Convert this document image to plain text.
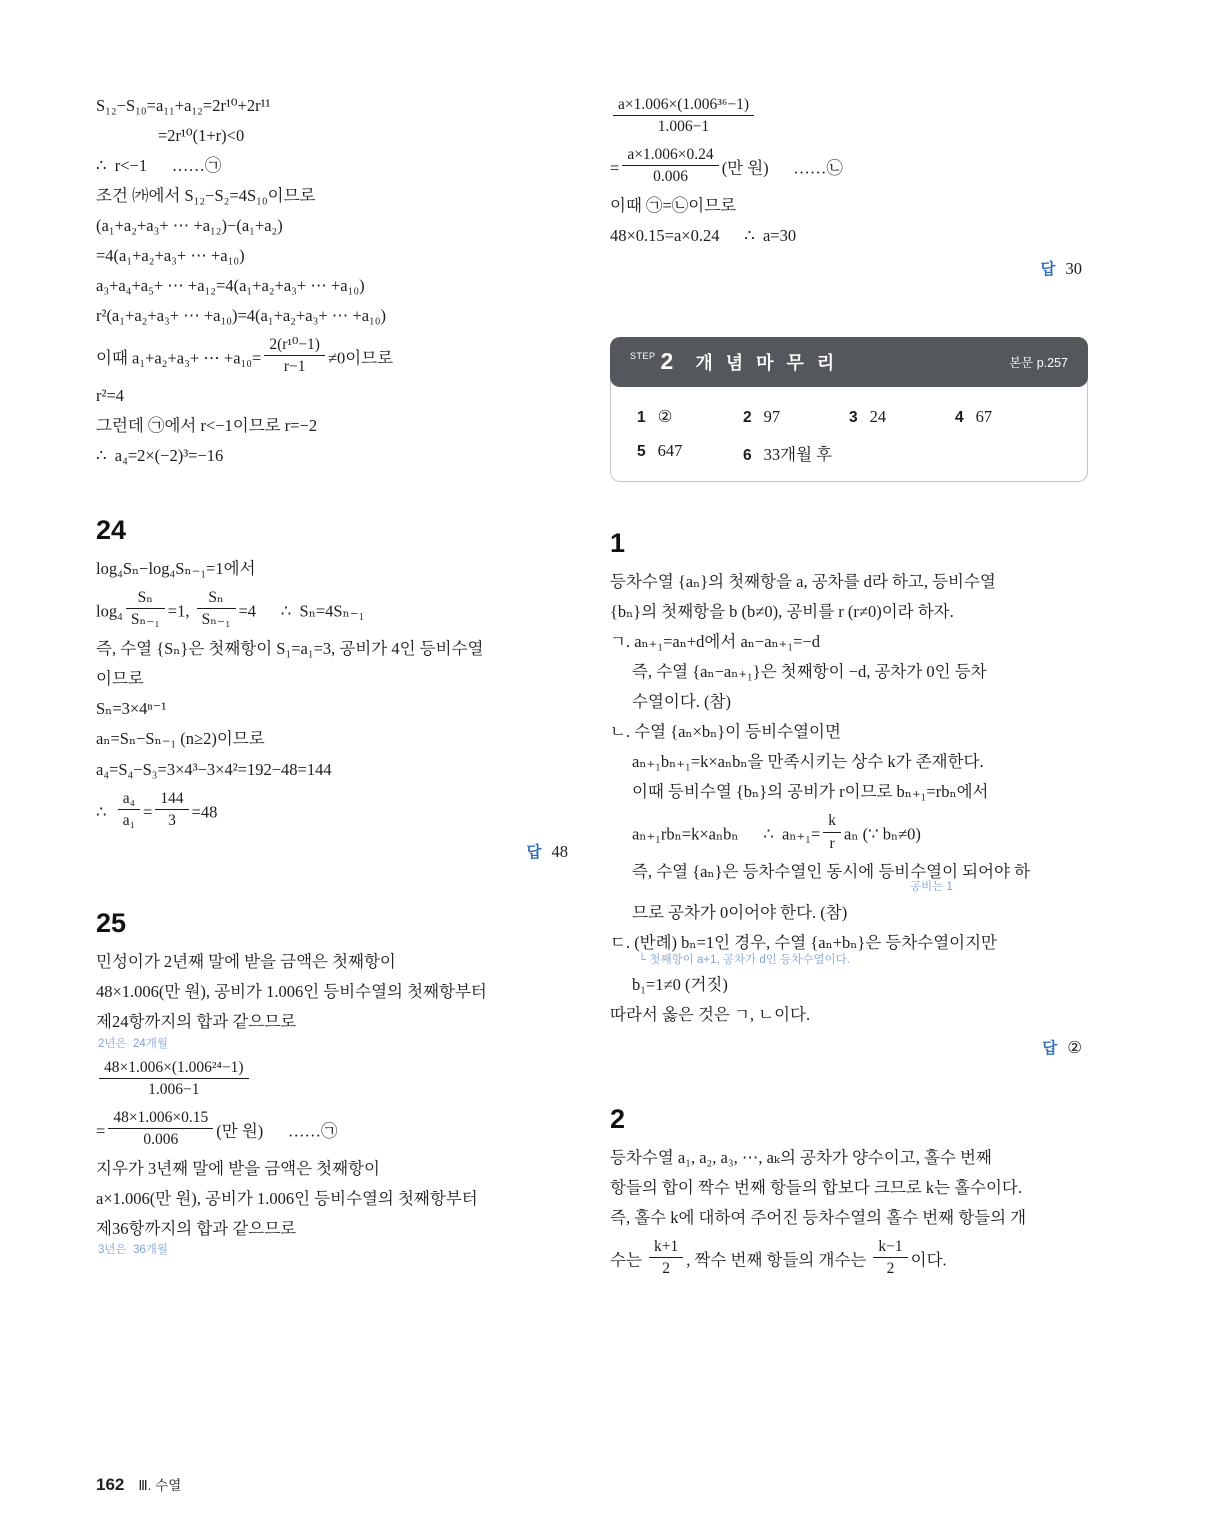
S₁₂−S₁₀=a₁₁+a₁₂=2r¹⁰+2r¹¹
=2r¹⁰(1+r)<0
∴  r<−1      ……㉠
조건 ㈎에서 S₁₂−S₂=4S₁₀이므로
(a₁+a₂+a₃+ ⋯ +a₁₂)−(a₁+a₂)
=4(a₁+a₂+a₃+ ⋯ +a₁₀)
a₃+a₄+a₅+ ⋯ +a₁₂=4(a₁+a₂+a₃+ ⋯ +a₁₀)
r²(a₁+a₂+a₃+ ⋯ +a₁₀)=4(a₁+a₂+a₃+ ⋯ +a₁₀)
이때 a₁+a₂+a₃+ ⋯ $+a_{10}= \frac{\text{2(r¹⁰−1)}}{r-1} \ne 0$이므로
r²=4
그런데 ㉠에서 r<−1이므로 r=−2
∴  a₄=2×(−2)³=−16
24
log₄Sₙ−log₄Sₙ₋₁=1에서
$\log_4 \frac{\text{Sₙ}}{\text{Sₙ₋₁}} =1$, $\frac{\text{Sₙ}}{\text{Sₙ₋₁}} =4$      ∴  Sₙ=4Sₙ₋₁
즉, 수열 {Sₙ}은 첫째항이 S₁=a₁=3, 공비가 4인 등비수열
이므로
Sₙ=3×4ⁿ⁻¹
aₙ=Sₙ−Sₙ₋₁ (n≥2)이므로
a₄=S₄−S₃=3×4³−3×4²=192−48=144
∴ $\frac{\text{a₄}}{\text{a₁}} = \frac{144}{3} =48$
답 48
25
민성이가 2년째 말에 받을 금액은 첫째항이
48×1.006(만 원), 공비가 1.006인 등비수열의 첫째항부터
제24항까지의 합과 같으므로
2년은  24개월
$\frac{\text{48×1.006×(1.006²⁴−1)}}{1.006-1}$
= $\frac{48\times 1.006\times 0.15}{0.006}$ (만 원)      ……㉠
지우가 3년째 말에 받을 금액은 첫째항이
a×1.006(만 원), 공비가 1.006인 등비수열의 첫째항부터
제36항까지의 합과 같으므로
3년은  36개월
$\frac{\text{a×1.006×(1.006³⁶−1)}}{1.006-1}$
= $\frac{a\times 1.006\times 0.24}{0.006}$ (만 원)      ……㉡
이때 ㉠=㉡이므로
48×0.15=a×0.24      ∴  a=30
답 30
STEP 2 개 념 마 무 리	본문 p.257
1 ②	2 97	3 24	4 67
5 647	6 33개월 후
1
등차수열 {aₙ}의 첫째항을 a, 공차를 d라 하고, 등비수열
{bₙ}의 첫째항을 b (b≠0), 공비를 r (r≠0)이라 하자.
ㄱ. aₙ₊₁=aₙ+d에서 aₙ−aₙ₊₁=−d
즉, 수열 {aₙ−aₙ₊₁}은 첫째항이 −d, 공차가 0인 등차
수열이다. (참)
ㄴ. 수열 {aₙ×bₙ}이 등비수열이면
aₙ₊₁bₙ₊₁=k×aₙbₙ을 만족시키는 상수 k가 존재한다.
이때 등비수열 {bₙ}의 공비가 r이므로 bₙ₊₁=rbₙ에서
aₙ₊₁rbₙ=k×aₙbₙ      ∴  $a_{n+1}= \frac{k}{r}$ aₙ (∵ bₙ≠0)
즉, 수열 {aₙ}은 등차수열인 동시에 등비수열이 되어야 하
공비는 1
므로 공차가 0이어야 한다. (참)
ㄷ. (반례) bₙ=1인 경우, 수열 {aₙ+bₙ}은 등차수열이지만
└ 첫째항이 a+1, 공차가 d인 등차수열이다.
b₁=1≠0 (거짓)
따라서 옳은 것은 ㄱ, ㄴ이다.
답 ②
2
등차수열 a₁, a₂, a₃, ⋯, aₖ의 공차가 양수이고, 홀수 번째
항들의 합이 짝수 번째 항들의 합보다 크므로 k는 홀수이다.
즉, 홀수 k에 대하여 주어진 등차수열의 홀수 번째 항들의 개
수는 $\frac{k+1}{2}$ , 짝수 번째 항들의 개수는 $\frac{k-1}{2}$ 이다.
162 Ⅲ. 수열
